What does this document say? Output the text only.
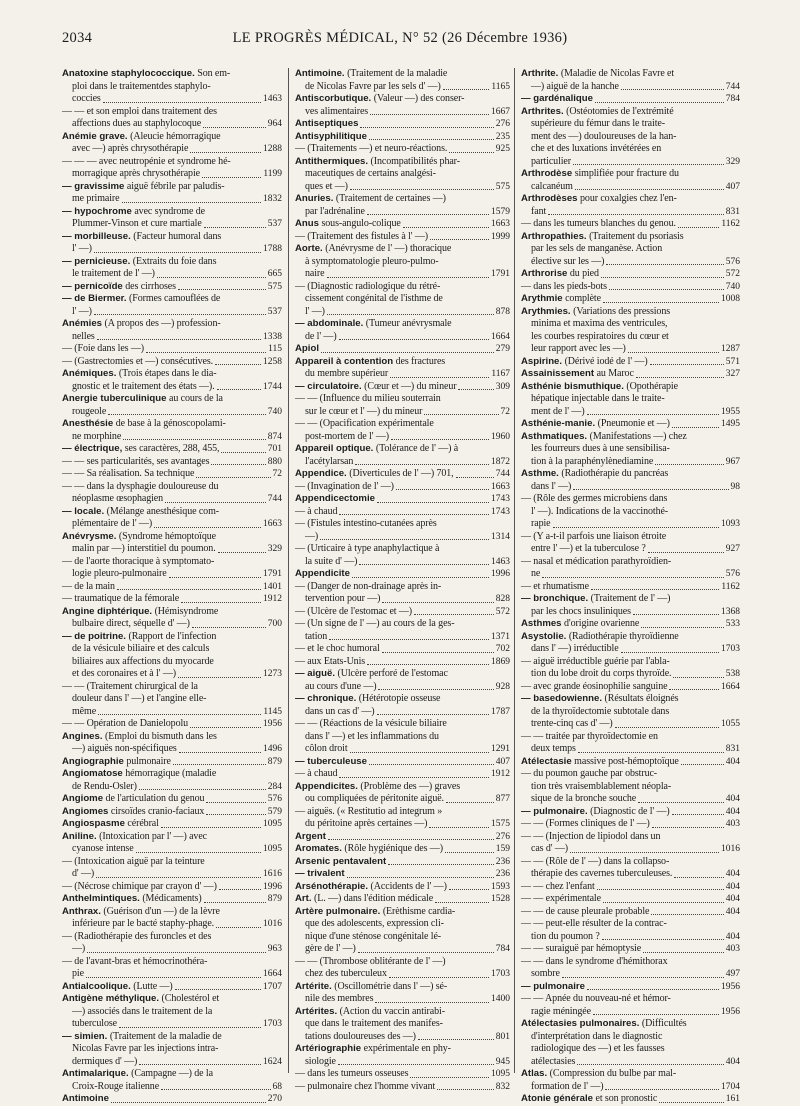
2034	LE PROGRÈS MÉDICAL, N° 52 (26 Décembre 1936)
Anatoxine staphylococcique. Son em-
ploi dans le traitementdes staphylo-
coccies	1463
— — et son emploi dans traitement des
affections dues au staphylocoque	964
Anémie grave. (Aleucie hémorragique
avec —) après chrysothérapie	1288
— — — avec neutropénie et syndrome hé-
morragique après chrysothérapie	1199
— gravissime aiguë fébrile par paludis-
me primaire	1832
— hypochrome avec syndrome de
Plummer-Vinson et cure martiale	537
— morbilleuse. (Facteur humoral dans
l' —)	1788
— pernicieuse. (Extraits du foie dans
le traitement de l' —)	665
— pernicoïde des cirrhoses	575
— de Biermer. (Formes camouflées de
l' —)	537
Anémies (A propos des —) profession-
nelles	1338
— (Foie dans les —)	115
— (Gastrectomies et —) consécutives.	1258
Anémiques. (Trois étapes dans le dia-
gnostic et le traitement des états —).	1744
Anergie tuberculinique au cours de la
rougeole	740
Anesthésie de base à la génoscopolami-
ne morphine	874
— électrique, ses caractères, 288, 455,	701
— — ses particularités, ses avantages	880
— — Sa réalisation. Sa technique	72
— — dans la dysphagie douloureuse du
néoplasme œsophagien	744
— locale. (Mélange anesthésique com-
plémentaire de l' —)	1663
Anévrysme. (Syndrome hémoptoïque
malin par —) interstitiel du poumon.	329
— de l'aorte thoracique à symptomato-
logie pleuro-pulmonaire	1791
— de la main	1401
— traumatique de la fémorale	1912
Angine diphtérique. (Hémisyndrome
bulbaire direct, séquelle d' —)	700
— de poitrine. (Rapport de l'infection
de la vésicule biliaire et des calculs
biliaires aux affections du myocarde
et des coronaires et à l' —)	1273
— — (Traitement chirurgical de la
douleur dans l' —) et l'angine elle-
même	1145
— — Opération de Danielopolu	1956
Angines. (Emploi du bismuth dans les
—) aiguës non-spécifiques	1496
Angiographie pulmonaire	879
Angiomatose hémorragique (maladie
de Rendu-Osler)	284
Angiome de l'articulation du genou	576
Angiomes cirsoïdes cranio-faciaux	579
Angiospasme cérébral	1095
Aniline. (Intoxication par l' —) avec
cyanose intense	1095
— (Intoxication aiguë par la teinture
d' —)	1616
— (Nécrose chimique par crayon d' —)	1996
Anthelmintiques. (Médicaments)	879
Anthrax. (Guérison d'un —) de la lèvre
inférieure par le bacté staphy-phage.	1016
— (Radiothérapie des furoncles et des
—)	963
— de l'avant-bras et hémocrinothéra-
pie	1664
Antialcoolique. (Lutte —)	1707
Antigène méthylique. (Cholestérol et
—) associés dans le traitement de la
tuberculose	1703
— simien. (Traitement de la maladie de
Nicolas Favre par les injections intra-
dermiques d' —)	1624
Antimalarique. (Campagne —) de la
Croix-Rouge italienne	68
Antimoine	270
Antimoine. (Traitement de la maladie
de Nicolas Favre par les sels d' —)	1165
Antiscorbutique. (Valeur —) des conser-
ves alimentaires	1667
Antiseptiques	276
Antisyphilitique	235
— (Traitements —) et neuro-réactions.	925
Antithermiques. (Incompatibilités phar-
maceutiques de certains analgési-
ques et —)	575
Anuries. (Traitement de certaines —)
par l'adrénaline	1579
Anus sous-angulo-colique	1663
— (Traitement des fistules à l' —)	1999
Aorte. (Anévrysme de l' —) thoracique
à symptomatologie pleuro-pulmo-
naire	1791
— (Diagnostic radiologique du rétré-
cissement congénital de l'isthme de
l' —)	878
— abdominale. (Tumeur anévrysmale
de l' —)	1664
Apiol	279
Appareil à contention des fractures
du membre supérieur	1167
— circulatoire. (Cœur et —) du mineur	309
— — (Influence du milieu souterrain
sur le cœur et l' —) du mineur	72
— — (Opacification expérimentale
post-mortem de l' —)	1960
Appareil optique. (Tolérance de l' —) à
l'acétylarsan	1872
Appendice. (Diverticules de l' —) 701,	744
— (Invagination de l' —)	1663
Appendicectomie	1743
— à chaud	1743
— (Fistules intestino-cutanées après
—)	1314
— (Urticaire à type anaphylactique à
la suite d' —)	1463
Appendicite	1996
— (Danger de non-drainage après in-
tervention pour —)	828
— (Ulcère de l'estomac et —)	572
— (Un signe de l' —) au cours de la ges-
tation	1371
— et le choc humoral	702
— aux Etats-Unis	1869
— aiguë. (Ulcère perforé de l'estomac
au cours d'une —)	928
— chronique. (Hétérotopie osseuse
dans un cas d' —)	1787
— — (Réactions de la vésicule biliaire
dans l' —) et les inflammations du
côlon droit	1291
— tuberculeuse	407
— à chaud	1912
Appendicites. (Problème des —) graves
ou compliquées de péritonite aiguë.	877
— aiguës. (« Restitutio ad integrum »
du péritoine après certaines —)	1575
Argent	276
Aromates. (Rôle hygiénique des —)	159
Arsenic pentavalent	236
— trivalent	236
Arsénothérapie. (Accidents de l' —)	1593
Art. (L. —) dans l'édition médicale	1528
Artère pulmonaire. (Erèthisme cardia-
que des adolescents, expression cli-
nique d'une sténose congénitale lé-
gère de l' —)	784
— — (Thrombose oblitérante de l' —)
chez des tuberculeux	1703
Artérite. (Oscillométrie dans l' —) sé-
nile des membres	1400
Artérites. (Action du vaccin antirabi-
que dans le traitement des manifes-
tations douloureuses des —)	801
Artériographie expérimentale en phy-
siologie	945
— dans les tumeurs osseuses	1095
— pulmonaire chez l'homme vivant	832
Arthrite. (Maladie de Nicolas Favre et
—) aiguë de la hanche	744
— gardénalique	784
Arthrites. (Ostéotomies de l'extrémité
supérieure du fémur dans le traite-
ment des —) douloureuses de la han-
che et des luxations invétérées en
particulier	329
Arthrodèse simplifiée pour fracture du
calcanéum	407
Arthrodèses pour coxalgies chez l'en-
fant	831
— dans les tumeurs blanches du genou.	1162
Arthropathies. (Traitement du psoriasis
par les sels de manganèse. Action
élective sur les —)	576
Arthrorise du pied	572
— dans les pieds-bots	740
Arythmie complète	1008
Arythmies. (Variations des pressions
minima et maxima des ventricules,
les courbes respiratoires du cœur et
leur rapport avec les —)	1287
Aspirine. (Dérivé iodé de l' —)	571
Assainissement au Maroc	327
Asthénie bismuthique. (Opothérapie
hépatique injectable dans le traite-
ment de l' —)	1955
Asthénie-manie. (Pneumonie et —)	1495
Asthmatiques. (Manifestations —) chez
les fourreurs dues à une sensibilisa-
tion à la paraphénylènediamine	967
Asthme. (Radiothérapie du pancréas
dans l' —)	98
— (Rôle des germes microbiens dans
l' —). Indications de la vaccinothé-
rapie	1093
— (Y a-t-il parfois une liaison étroite
entre l' —) et la tuberculose ?	927
— nasal et médication parathyroïdien-
ne	576
— et rhumatisme	1162
— bronchique. (Traitement de l' —)
par les chocs insuliniques	1368
Asthmes d'origine ovarienne	533
Asystolie. (Radiothérapie thyroïdienne
dans l' —) irréductible	1703
— aiguë irréductible guérie par l'abla-
tion du lobe droit du corps thyroïde.	538
— avec grande éosinophilie sanguine	1664
— basedowienne. (Résultats éloignés
de la thyroïdectomie subtotale dans
trente-cinq cas d' —)	1055
— — traitée par thyroïdectomie en
deux temps	831
Atélectasie massive post-hémoptoïque	404
— du poumon gauche par obstruc-
tion très vraisemblablement néopla-
sique de la bronche souche	404
— pulmonaire. (Diagnostic de l' —)	404
— — (Formes cliniques de l' —)	403
— — (Injection de lipiodol dans un
cas d' —)	1016
— — (Rôle de l' —) dans la collapso-
thérapie des cavernes tuberculeuses.	404
— — chez l'enfant	404
— — expérimentale	404
— — de cause pleurale probable	404
— — peut-elle résulter de la contrac-
tion du poumon ?	404
— — suraiguë par hémoptysie	403
— — dans le syndrome d'hémithorax
sombre	497
— pulmonaire	1956
— — Apnée du nouveau-né et hémor-
ragie méningée	1956
Atélectasies pulmonaires. (Difficultés
d'interprétation dans le diagnostic
radiologique des —) et les fausses
atélectasies	404
Atlas. (Compression du bulbe par mal-
formation de l' —)	1704
Atonie générale et son pronostic	161
